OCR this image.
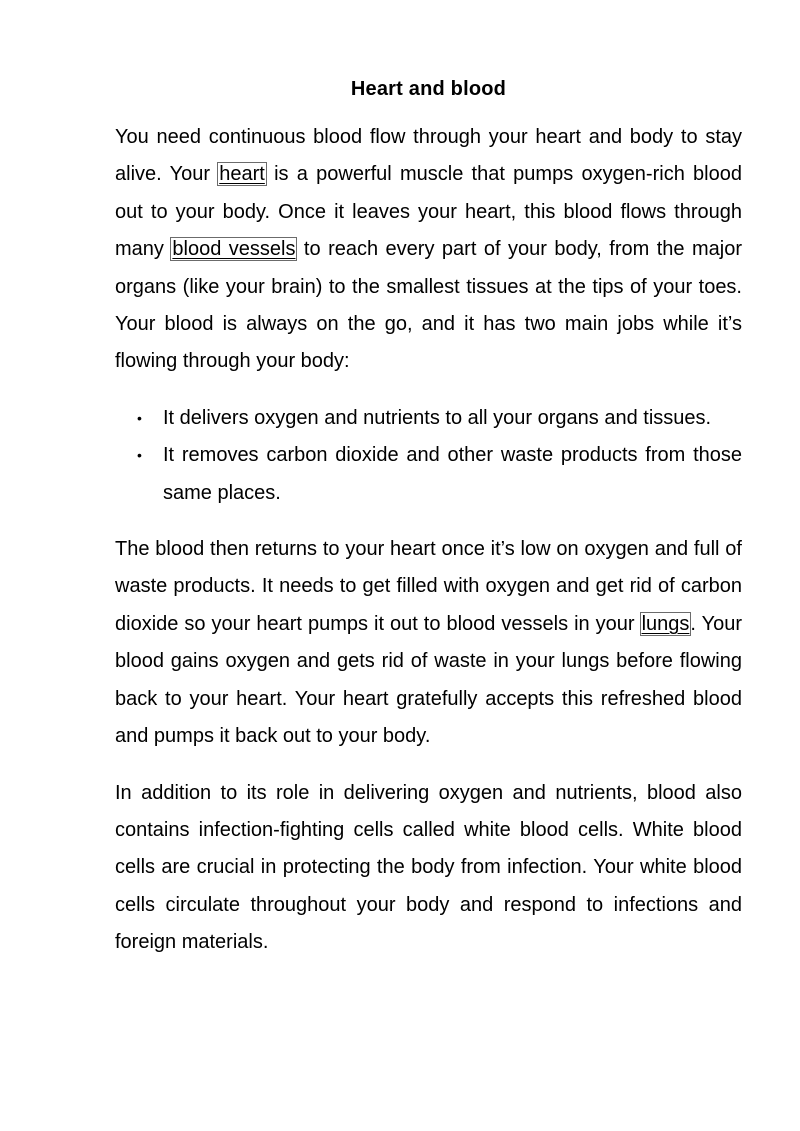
Heart and blood

You need continuous blood flow through your heart and body to stay alive. Your heart is a powerful muscle that pumps oxygen-rich blood out to your body. Once it leaves your heart, this blood flows through many blood vessels to reach every part of your body, from the major organs (like your brain) to the smallest tissues at the tips of your toes. Your blood is always on the go, and it has two main jobs while it’s flowing through your body:

• It delivers oxygen and nutrients to all your organs and tissues.
• It removes carbon dioxide and other waste products from those same places.

The blood then returns to your heart once it’s low on oxygen and full of waste products. It needs to get filled with oxygen and get rid of carbon dioxide so your heart pumps it out to blood vessels in your lungs. Your blood gains oxygen and gets rid of waste in your lungs before flowing back to your heart. Your heart gratefully accepts this refreshed blood and pumps it back out to your body.

In addition to its role in delivering oxygen and nutrients, blood also contains infection-fighting cells called white blood cells. White blood cells are crucial in protecting the body from infection. Your white blood cells circulate throughout your body and respond to infections and foreign materials.
